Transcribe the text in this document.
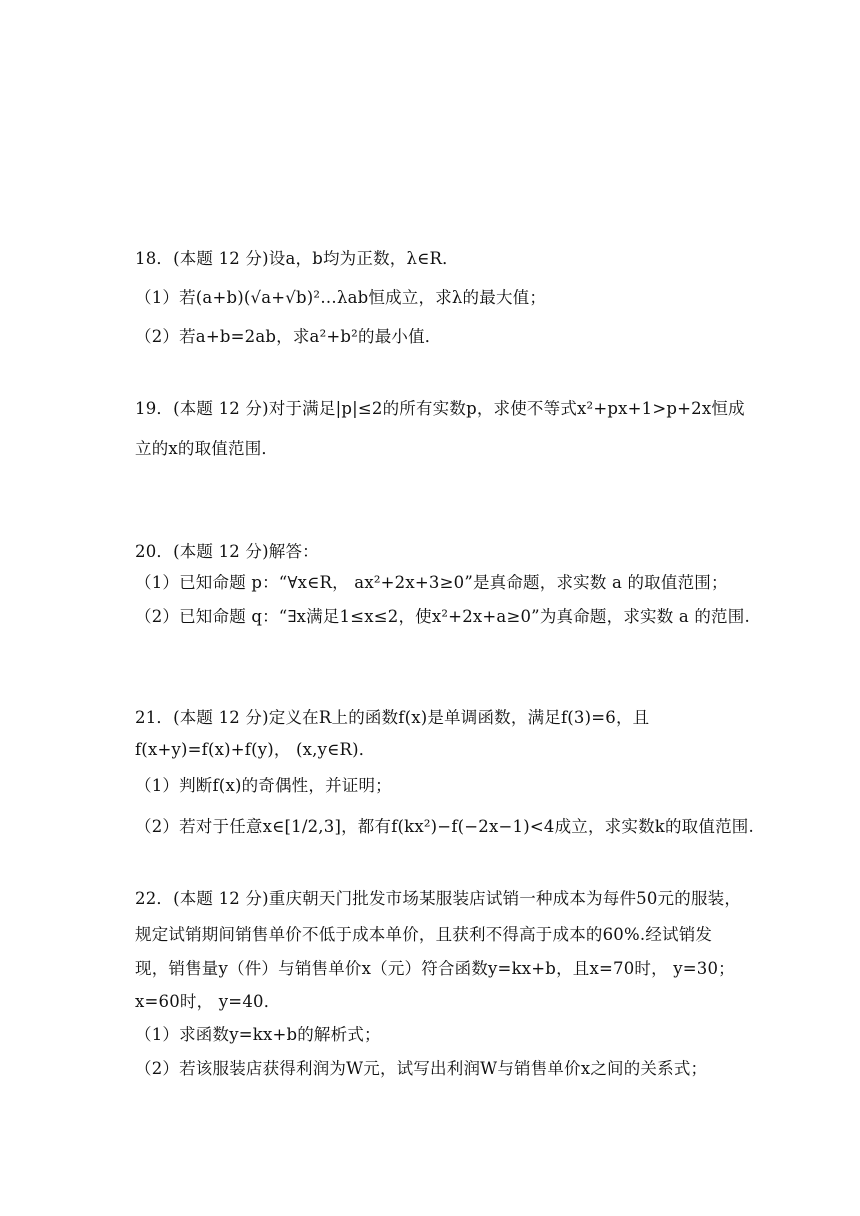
18．(本题 12 分)设a，b均为正数，λ∈R．
（1）若(a+b)(√a+√b)²…λab恒成立，求λ的最大值；
（2）若a+b=2ab，求a²+b²的最小值．
19．(本题 12 分)对于满足|p|≤2的所有实数p，求使不等式x²+px+1>p+2x恒成
立的x的取值范围．
20．(本题 12 分)解答：
（1）已知命题 p：“∀x∈R， ax²+2x+3≥0”是真命题，求实数 a 的取值范围；
（2）已知命题 q：“∃x满足1≤x≤2，使x²+2x+a≥0”为真命题，求实数 a 的范围.
21．(本题 12 分)定义在R上的函数f(x)是单调函数，满足f(3)=6，且
f(x+y)=f(x)+f(y)， (x,y∈R)．
（1）判断f(x)的奇偶性，并证明；
（2）若对于任意x∈[1/2,3]，都有f(kx²)−f(−2x−1)<4成立，求实数k的取值范围.
22．(本题 12 分)重庆朝天门批发市场某服装店试销一种成本为每件50元的服装，
规定试销期间销售单价不低于成本单价，且获利不得高于成本的60%.经试销发
现，销售量y（件）与销售单价x（元）符合函数y=kx+b，且x=70时， y=30；
x=60时， y=40．
（1）求函数y=kx+b的解析式；
（2）若该服装店获得利润为W元，试写出利润W与销售单价x之间的关系式；
